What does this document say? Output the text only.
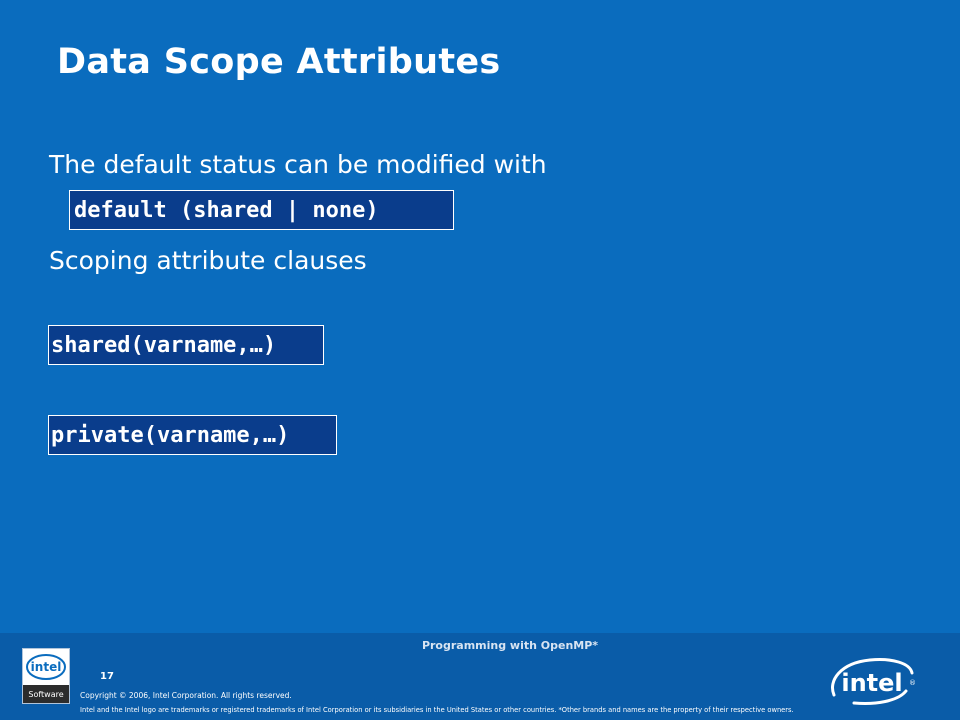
Data Scope Attributes
The default status can be modified with
default (shared | none)
Scoping attribute clauses
shared(varname,…)
private(varname,…)
Programming with OpenMP*
intel
Software
17
Copyright © 2006, Intel Corporation. All rights reserved.
Intel and the Intel logo are trademarks or registered trademarks of Intel Corporation or its subsidiaries in the United States or other countries. *Other brands and names are the property of their respective owners.
intel ®
